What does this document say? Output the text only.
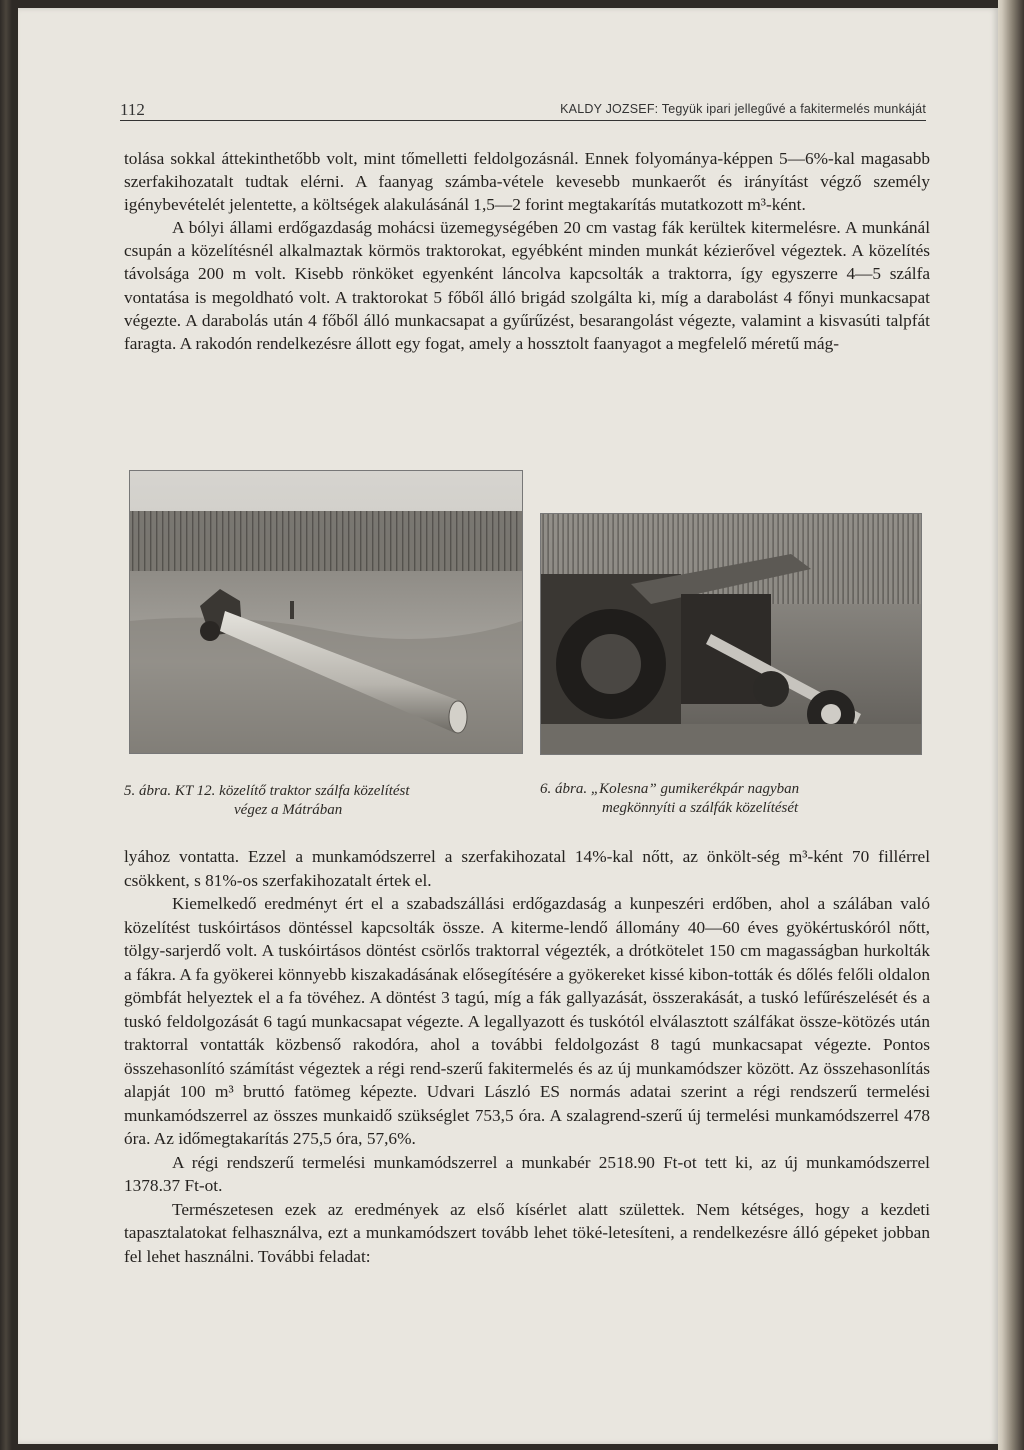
112	KALDY JOZSEF: Tegyük ipari jellegűvé a fakitermelés munkáját

tolása sokkal áttekinthetőbb volt, mint tőmelletti feldolgozásnál. Ennek folyománya-képpen 5—6%-kal magasabb szerfakihozatalt tudtak elérni. A faanyag számba-vétele kevesebb munkaerőt és irányítást végző személy igénybevételét jelentette, a költségek alakulásánál 1,5—2 forint megtakarítás mutatkozott m³-ként.

A bólyi állami erdőgazdaság mohácsi üzemegységében 20 cm vastag fák kerültek kitermelésre. A munkánál csupán a közelítésnél alkalmaztak körmös traktorokat, egyébként minden munkát kézierővel végeztek. A közelítés távolsága 200 m volt. Kisebb rönköket egyenként láncolva kapcsolták a traktorra, így egyszerre 4—5 szálfa vontatása is megoldható volt. A traktorokat 5 főből álló brigád szolgálta ki, míg a darabolást 4 főnyi munkacsapat végezte. A darabolás után 4 főből álló munkacsapat a gyűrűzést, besarangolást végezte, valamint a kisvasúti talpfát faragta. A rakodón rendelkezésre állott egy fogat, amely a hossztolt faanyagot a megfelelő méretű mág-

5. ábra. KT 12. közelítő traktor szálfa közelítést
végez a Mátrában
6. ábra. „Kolesna” gumikerékpár nagyban
megkönnyíti a szálfák közelítését

lyához vontatta. Ezzel a munkamódszerrel a szerfakihozatal 14%-kal nőtt, az önkölt-ség m³-ként 70 fillérrel csökkent, s 81%-os szerfakihozatalt értek el.

Kiemelkedő eredményt ért el a szabadszállási erdőgazdaság a kunpeszéri erdőben, ahol a szálában való közelítést tuskóirtásos döntéssel kapcsolták össze. A kiterme-lendő állomány 40—60 éves gyökértuskóról nőtt, tölgy-sarjerdő volt. A tuskóirtásos döntést csörlős traktorral végezték, a drótkötelet 150 cm magasságban hurkolták a fákra. A fa gyökerei könnyebb kiszakadásának elősegítésére a gyökereket kissé kibon-tották és dőlés felőli oldalon gömbfát helyeztek el a fa tövéhez. A döntést 3 tagú, míg a fák gallyazását, összerakását, a tuskó lefűrészelését és a tuskó feldolgozását 6 tagú munkacsapat végezte. A legallyazott és tuskótól elválasztott szálfákat össze-kötözés után traktorral vontatták közbenső rakodóra, ahol a további feldolgozást 8 tagú munkacsapat végezte. Pontos összehasonlító számítást végeztek a régi rend-szerű fakitermelés és az új munkamódszer között. Az összehasonlítás alapját 100 m³ bruttó fatömeg képezte. Udvari László ES normás adatai szerint a régi rendszerű termelési munkamódszerrel az összes munkaidő szükséglet 753,5 óra. A szalagrend-szerű új termelési munkamódszerrel 478 óra. Az időmegtakarítás 275,5 óra, 57,6%.

A régi rendszerű termelési munkamódszerrel a munkabér 2518.90 Ft-ot tett ki, az új munkamódszerrel 1378.37 Ft-ot.

Természetesen ezek az eredmények az első kísérlet alatt születtek. Nem kétséges, hogy a kezdeti tapasztalatokat felhasználva, ezt a munkamódszert tovább lehet töké-letesíteni, a rendelkezésre álló gépeket jobban fel lehet használni. További feladat:
